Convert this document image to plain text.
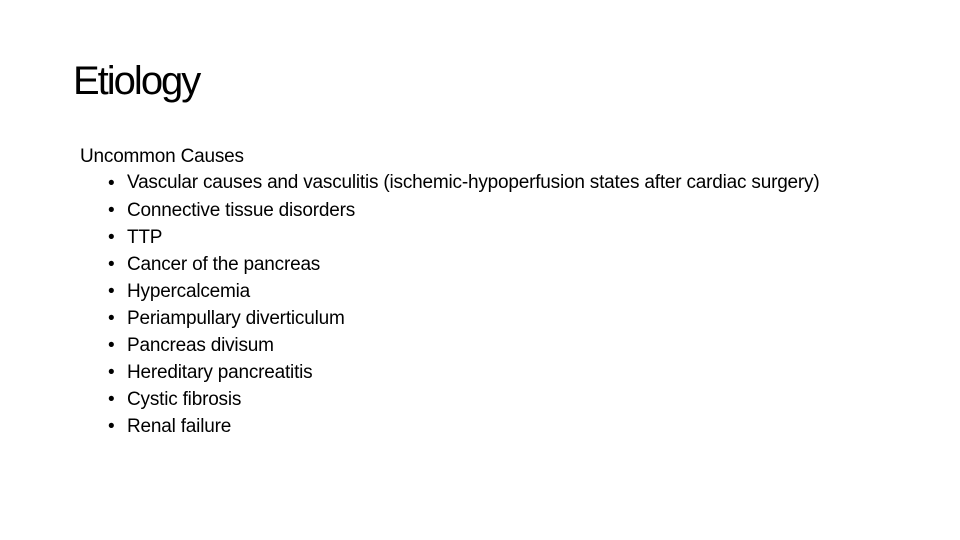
Etiology
Uncommon Causes
• Vascular causes and vasculitis (ischemic-hypoperfusion states after cardiac surgery)
• Connective tissue disorders
• TTP
• Cancer of the pancreas
• Hypercalcemia
• Periampullary diverticulum
• Pancreas divisum
• Hereditary pancreatitis
• Cystic fibrosis
• Renal failure
